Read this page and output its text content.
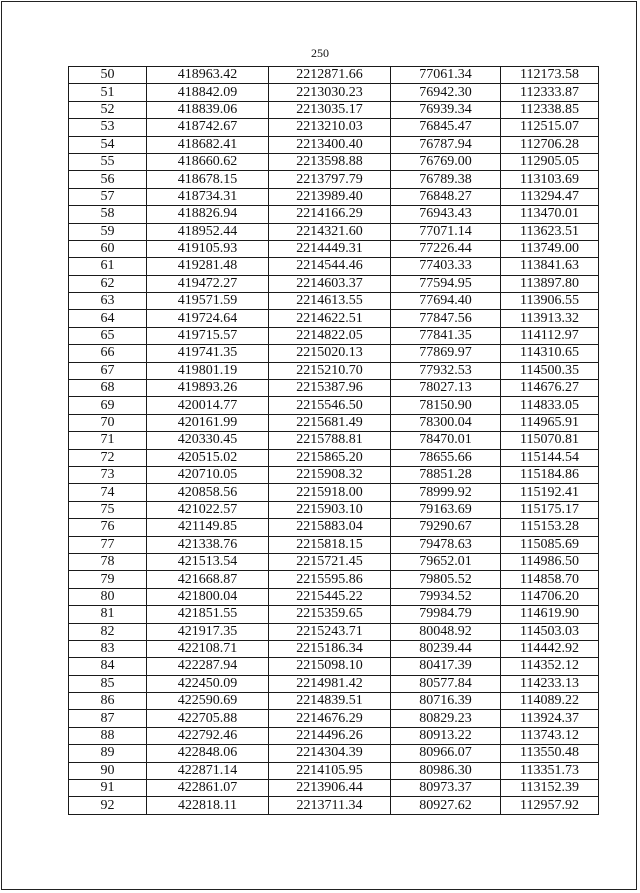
250
50	418963.42	2212871.66	77061.34	112173.58
51	418842.09	2213030.23	76942.30	112333.87
52	418839.06	2213035.17	76939.34	112338.85
53	418742.67	2213210.03	76845.47	112515.07
54	418682.41	2213400.40	76787.94	112706.28
55	418660.62	2213598.88	76769.00	112905.05
56	418678.15	2213797.79	76789.38	113103.69
57	418734.31	2213989.40	76848.27	113294.47
58	418826.94	2214166.29	76943.43	113470.01
59	418952.44	2214321.60	77071.14	113623.51
60	419105.93	2214449.31	77226.44	113749.00
61	419281.48	2214544.46	77403.33	113841.63
62	419472.27	2214603.37	77594.95	113897.80
63	419571.59	2214613.55	77694.40	113906.55
64	419724.64	2214622.51	77847.56	113913.32
65	419715.57	2214822.05	77841.35	114112.97
66	419741.35	2215020.13	77869.97	114310.65
67	419801.19	2215210.70	77932.53	114500.35
68	419893.26	2215387.96	78027.13	114676.27
69	420014.77	2215546.50	78150.90	114833.05
70	420161.99	2215681.49	78300.04	114965.91
71	420330.45	2215788.81	78470.01	115070.81
72	420515.02	2215865.20	78655.66	115144.54
73	420710.05	2215908.32	78851.28	115184.86
74	420858.56	2215918.00	78999.92	115192.41
75	421022.57	2215903.10	79163.69	115175.17
76	421149.85	2215883.04	79290.67	115153.28
77	421338.76	2215818.15	79478.63	115085.69
78	421513.54	2215721.45	79652.01	114986.50
79	421668.87	2215595.86	79805.52	114858.70
80	421800.04	2215445.22	79934.52	114706.20
81	421851.55	2215359.65	79984.79	114619.90
82	421917.35	2215243.71	80048.92	114503.03
83	422108.71	2215186.34	80239.44	114442.92
84	422287.94	2215098.10	80417.39	114352.12
85	422450.09	2214981.42	80577.84	114233.13
86	422590.69	2214839.51	80716.39	114089.22
87	422705.88	2214676.29	80829.23	113924.37
88	422792.46	2214496.26	80913.22	113743.12
89	422848.06	2214304.39	80966.07	113550.48
90	422871.14	2214105.95	80986.30	113351.73
91	422861.07	2213906.44	80973.37	113152.39
92	422818.11	2213711.34	80927.62	112957.92
